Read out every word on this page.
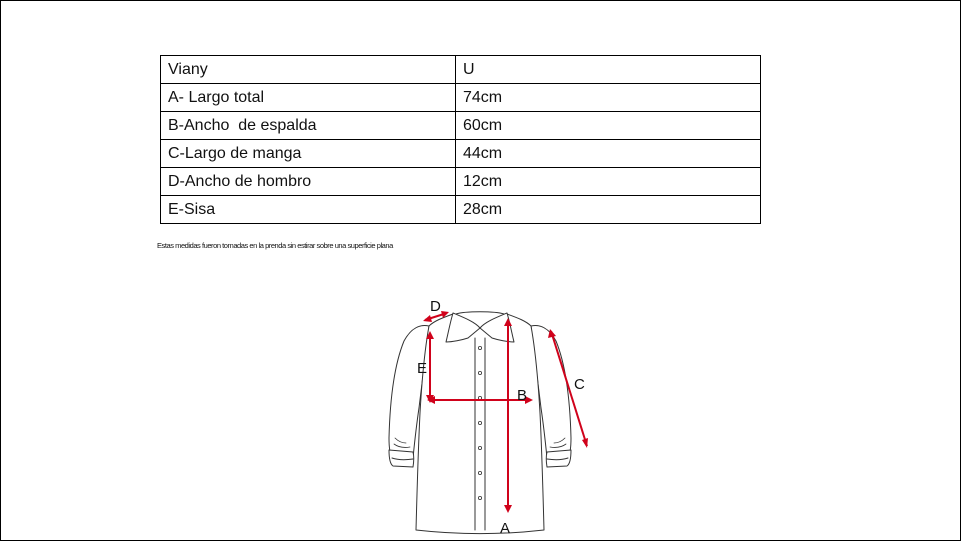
Viany	U
A- Largo total	74cm
B-Ancho  de espalda	60cm
C-Largo de manga	44cm
D-Ancho de hombro	12cm
E-Sisa	28cm
Estas medidas fueron tomadas en la prenda sin estirar sobre una superficie plana
D
E
B
C
A
